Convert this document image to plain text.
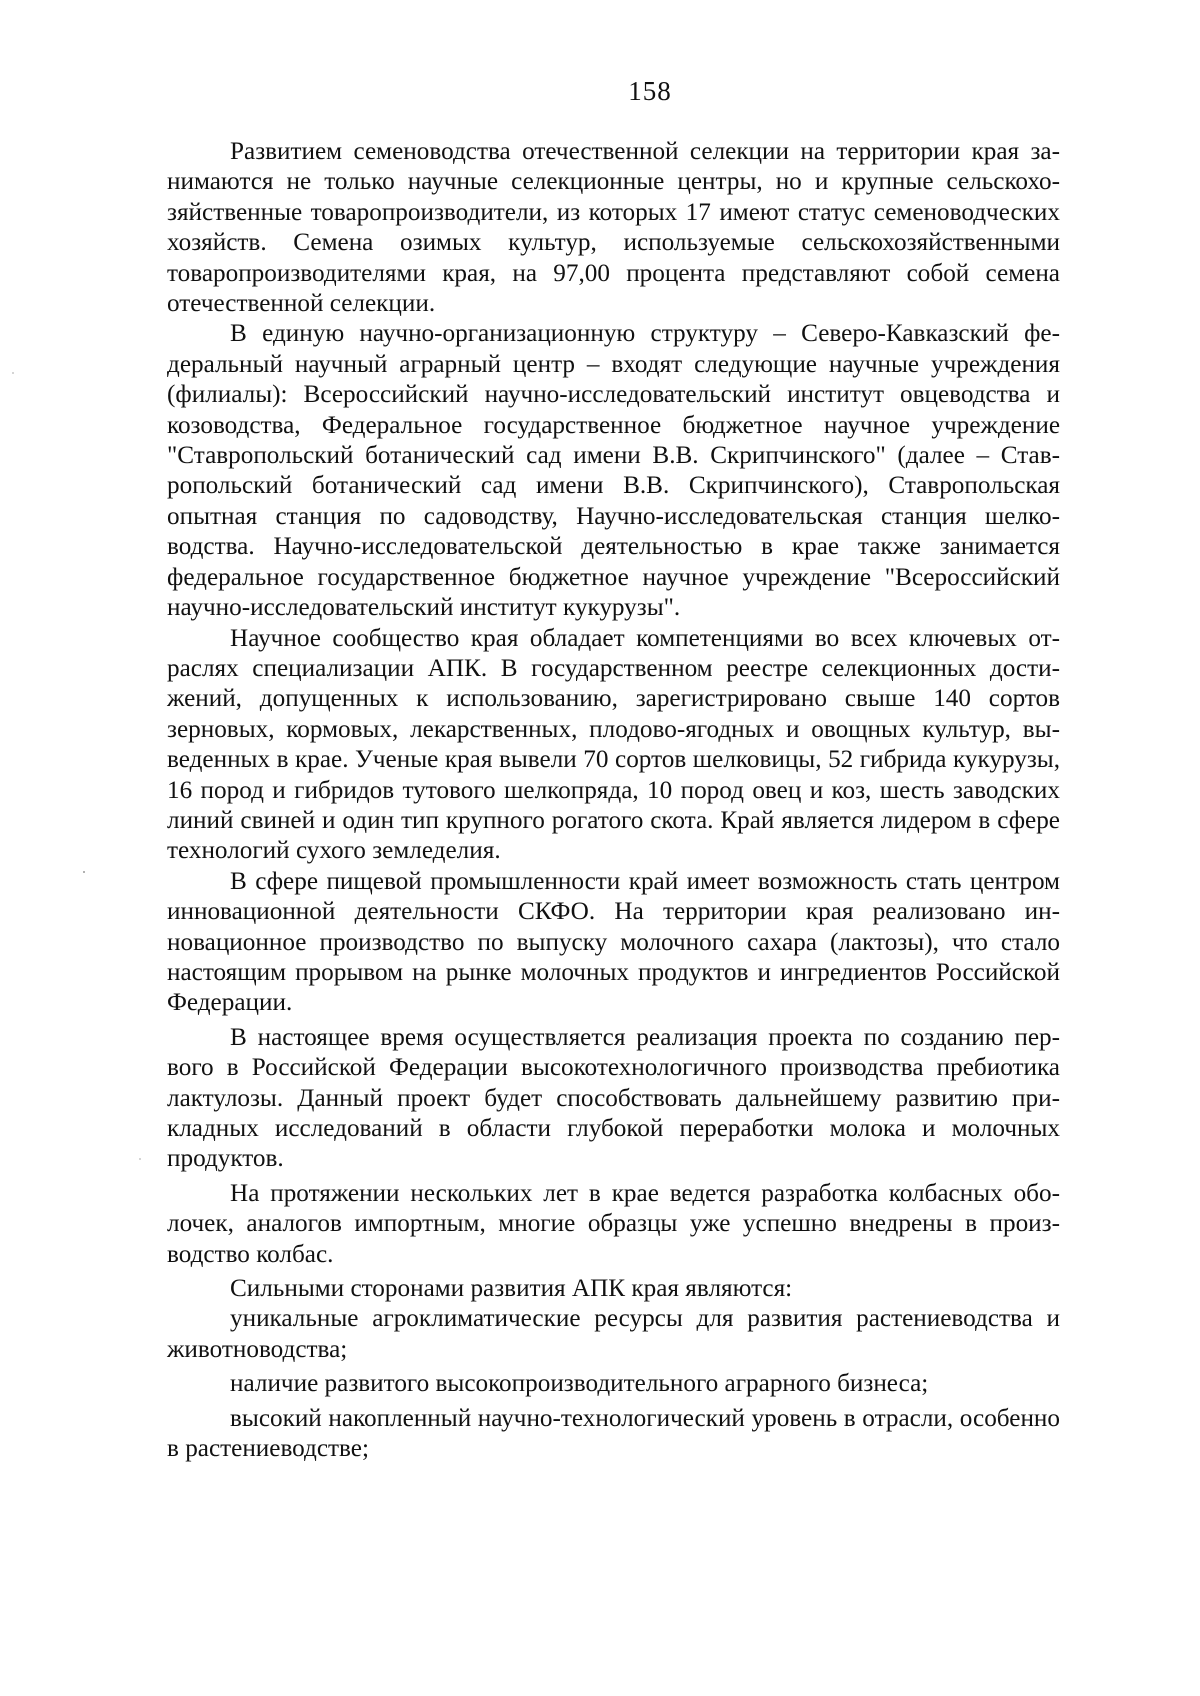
158

Развитием семеноводства отечественной селекции на территории края занимаются не только научные селекционные центры, но и крупные сельскохозяйственные товаропроизводители, из которых 17 имеют статус семеноводческих хозяйств. Семена озимых культур, используемые сельскохозяйственными товаропроизводителями края, на 97,00 процента представляют собой семена отечественной селекции.

В единую научно-организационную структуру – Северо-Кавказский федеральный научный аграрный центр – входят следующие научные учреждения (филиалы): Всероссийский научно-исследовательский институт овцеводства и козоводства, Федеральное государственное бюджетное научное учреждение "Ставропольский ботанический сад имени В.В. Скрипчинского" (далее – Ставропольский ботанический сад имени В.В. Скрипчинского), Ставропольская опытная станция по садоводству, Научно-исследовательская станция шелководства. Научно-исследовательской деятельностью в крае также занимается федеральное государственное бюджетное научное учреждение "Всероссийский научно-исследовательский институт кукурузы".

Научное сообщество края обладает компетенциями во всех ключевых отраслях специализации АПК. В государственном реестре селекционных достижений, допущенных к использованию, зарегистрировано свыше 140 сортов зерновых, кормовых, лекарственных, плодово-ягодных и овощных культур, выведенных в крае. Ученые края вывели 70 сортов шелковицы, 52 гибрида кукурузы, 16 пород и гибридов тутового шелкопряда, 10 пород овец и коз, шесть заводских линий свиней и один тип крупного рогатого скота. Край является лидером в сфере технологий сухого земледелия.

В сфере пищевой промышленности край имеет возможность стать центром инновационной деятельности СКФО. На территории края реализовано инновационное производство по выпуску молочного сахара (лактозы), что стало настоящим прорывом на рынке молочных продуктов и ингредиентов Российской Федерации.

В настоящее время осуществляется реализация проекта по созданию первого в Российской Федерации высокотехнологичного производства пребиотика лактулозы. Данный проект будет способствовать дальнейшему развитию прикладных исследований в области глубокой переработки молока и молочных продуктов.

На протяжении нескольких лет в крае ведется разработка колбасных оболочек, аналогов импортным, многие образцы уже успешно внедрены в производство колбас.

Сильными сторонами развития АПК края являются:

уникальные агроклиматические ресурсы для развития растениеводства и животноводства;

наличие развитого высокопроизводительного аграрного бизнеса;

высокий накопленный научно-технологический уровень в отрасли, особенно в растениеводстве;
